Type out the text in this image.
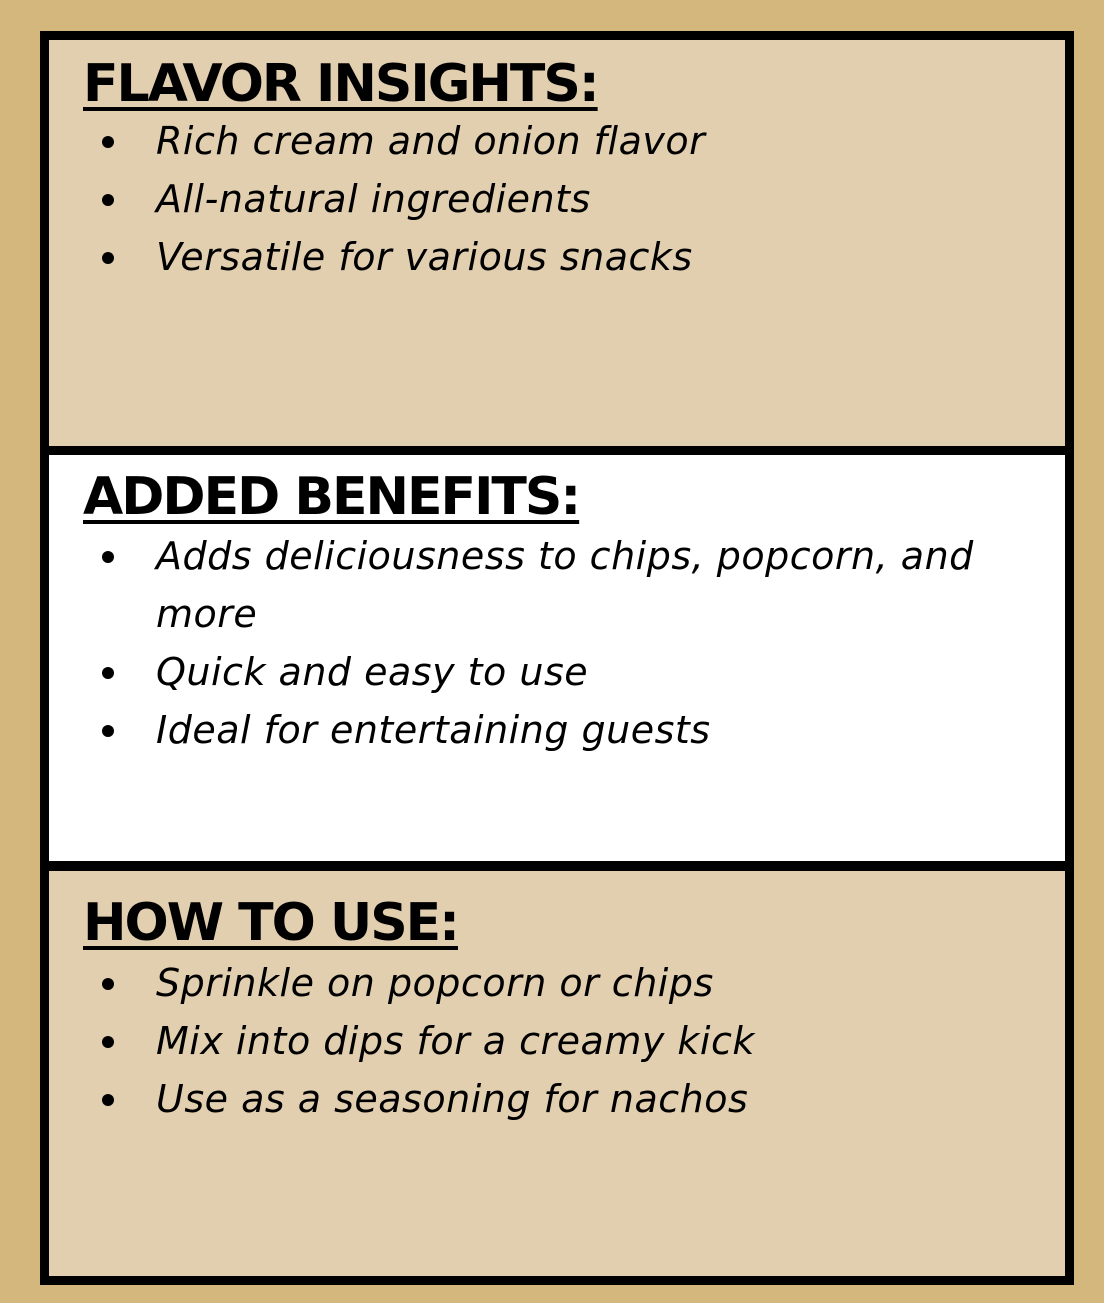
FLAVOR INSIGHTS:
Rich cream and onion flavor
All-natural ingredients
Versatile for various snacks
ADDED BENEFITS:
Adds deliciousness to chips, popcorn, and more
Quick and easy to use
Ideal for entertaining guests
HOW TO USE:
Sprinkle on popcorn or chips
Mix into dips for a creamy kick
Use as a seasoning for nachos
